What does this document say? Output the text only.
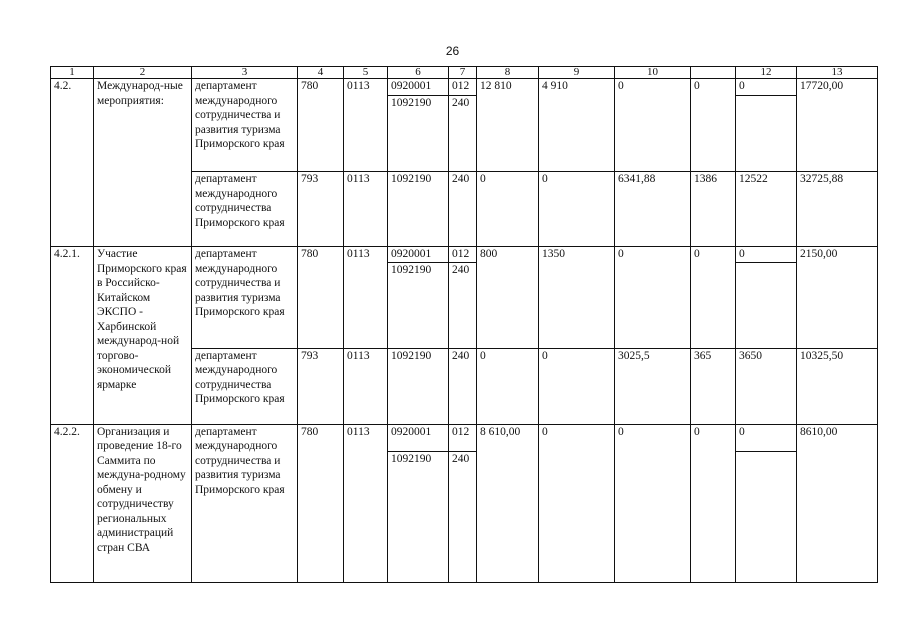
26
1	2	3	4	5	6	7	8	9	10		12	13
4.2.	Международ-ные мероприятия:	департамент международного сотрудничества и развития туризма Приморского края	780	0113	0920001	012	12 810	4 910	0	0	0	17720,00
					1092190	240						
		департамент международного сотрудничества Приморского края	793	0113	1092190	240	0	0	6341,88	1386	12522	32725,88
4.2.1.	Участие Приморского края в Российско-Китайском ЭКСПО - Харбинской международ-ной торгово-экономической ярмарке	департамент международного сотрудничества и развития туризма Приморского края	780	0113	0920001	012	800	1350	0	0	0	2150,00
					1092190	240						
		департамент международного сотрудничества Приморского края	793	0113	1092190	240	0	0	3025,5	365	3650	10325,50
4.2.2.	Организация и проведение 18-го Саммита по междуна-родному обмену и сотрудничеству региональных администраций стран СВА	департамент международного сотрудничества и развития туризма Приморского края	780	0113	0920001	012	8 610,00	0	0	0	0	8610,00
					1092190	240						
